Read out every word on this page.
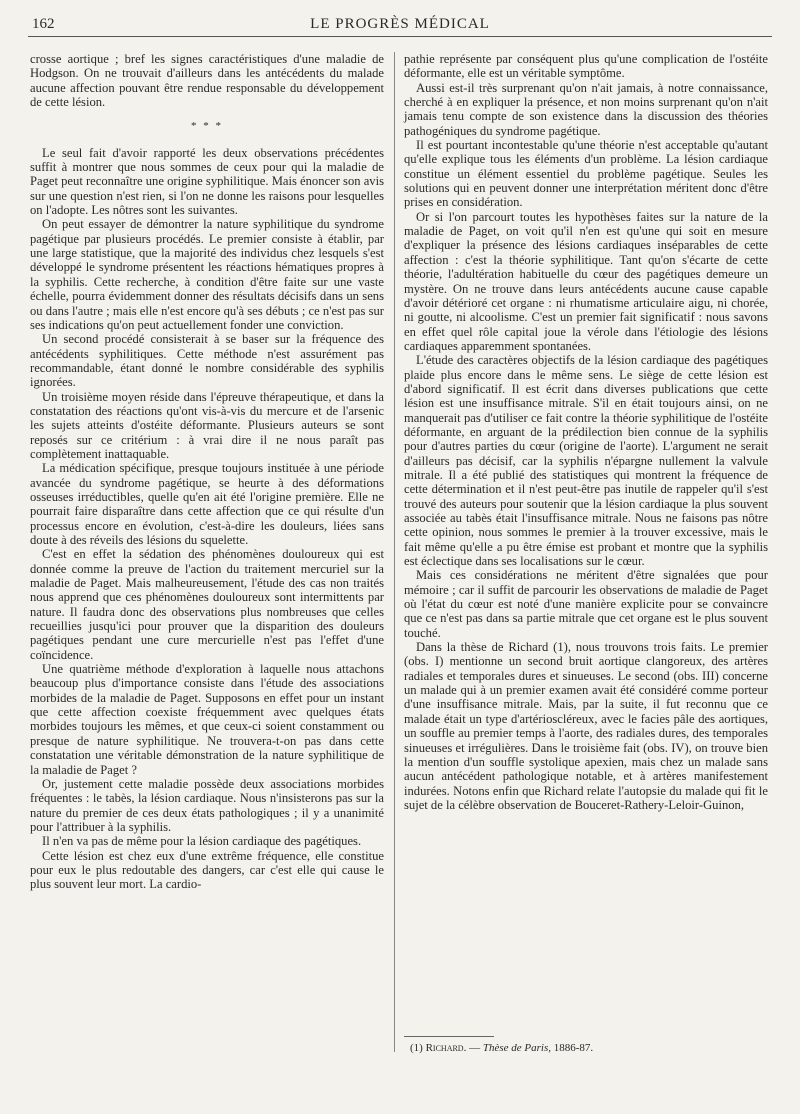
162	LE PROGRÈS MÉDICAL

crosse aortique ; bref les signes caractéristiques d'une maladie de Hodgson. On ne trouvait d'ailleurs dans les antécédents du malade aucune affection pouvant être rendue responsable du développement de cette lésion.

* * *

Le seul fait d'avoir rapporté les deux observations précédentes suffit à montrer que nous sommes de ceux pour qui la maladie de Paget peut reconnaître une origine syphilitique. Mais énoncer son avis sur une question n'est rien, si l'on ne donne les raisons pour lesquelles on l'adopte. Les nôtres sont les suivantes.

On peut essayer de démontrer la nature syphilitique du syndrome pagétique par plusieurs procédés. Le premier consiste à établir, par une large statistique, que la majorité des individus chez lesquels s'est développé le syndrome présentent les réactions hématiques propres à la syphilis. Cette recherche, à condition d'être faite sur une vaste échelle, pourra évidemment donner des résultats décisifs dans un sens ou dans l'autre ; mais elle n'est encore qu'à ses débuts ; ce n'est pas sur ses indications qu'on peut actuellement fonder une conviction.

Un second procédé consisterait à se baser sur la fréquence des antécédents syphilitiques. Cette méthode n'est assurément pas recommandable, étant donné le nombre considérable des syphilis ignorées.

Un troisième moyen réside dans l'épreuve thérapeutique, et dans la constatation des réactions qu'ont vis-à-vis du mercure et de l'arsenic les sujets atteints d'ostéite déformante. Plusieurs auteurs se sont reposés sur ce critérium : à vrai dire il ne nous paraît pas complètement inattaquable.

La médication spécifique, presque toujours instituée à une période avancée du syndrome pagétique, se heurte à des déformations osseuses irréductibles, quelle qu'en ait été l'origine première. Elle ne pourrait faire disparaître dans cette affection que ce qui résulte d'un processus encore en évolution, c'est-à-dire les douleurs, liées sans doute à des réveils des lésions du squelette.

C'est en effet la sédation des phénomènes douloureux qui est donnée comme la preuve de l'action du traitement mercuriel sur la maladie de Paget. Mais malheureusement, l'étude des cas non traités nous apprend que ces phénomènes douloureux sont intermittents par nature. Il faudra donc des observations plus nombreuses que celles recueillies jusqu'ici pour prouver que la disparition des douleurs pagétiques pendant une cure mercurielle n'est pas l'effet d'une coïncidence.

Une quatrième méthode d'exploration à laquelle nous attachons beaucoup plus d'importance consiste dans l'étude des associations morbides de la maladie de Paget. Supposons en effet pour un instant que cette affection coexiste fréquemment avec quelques états morbides toujours les mêmes, et que ceux-ci soient constamment ou presque de nature syphilitique. Ne trouvera-t-on pas dans cette constatation une véritable démonstration de la nature syphilitique de la maladie de Paget ?

Or, justement cette maladie possède deux associations morbides fréquentes : le tabès, la lésion cardiaque. Nous n'insisterons pas sur la nature du premier de ces deux états pathologiques ; il y a unanimité pour l'attribuer à la syphilis.

Il n'en va pas de même pour la lésion cardiaque des pagétiques.

Cette lésion est chez eux d'une extrême fréquence, elle constitue pour eux le plus redoutable des dangers, car c'est elle qui cause le plus souvent leur mort. La cardio-

pathie représente par conséquent plus qu'une complication de l'ostéite déformante, elle est un véritable symptôme.

Aussi est-il très surprenant qu'on n'ait jamais, à notre connaissance, cherché à en expliquer la présence, et non moins surprenant qu'on n'ait jamais tenu compte de son existence dans la discussion des théories pathogéniques du syndrome pagétique.

Il est pourtant incontestable qu'une théorie n'est acceptable qu'autant qu'elle explique tous les éléments d'un problème. La lésion cardiaque constitue un élément essentiel du problème pagétique. Seules les solutions qui en peuvent donner une interprétation méritent donc d'être prises en considération.

Or si l'on parcourt toutes les hypothèses faites sur la nature de la maladie de Paget, on voit qu'il n'en est qu'une qui soit en mesure d'expliquer la présence des lésions cardiaques inséparables de cette affection : c'est la théorie syphilitique. Tant qu'on s'écarte de cette théorie, l'adultération habituelle du cœur des pagétiques demeure un mystère. On ne trouve dans leurs antécédents aucune cause capable d'avoir détérioré cet organe : ni rhumatisme articulaire aigu, ni chorée, ni goutte, ni alcoolisme. C'est un premier fait significatif : nous savons en effet quel rôle capital joue la vérole dans l'étiologie des lésions cardiaques apparemment spontanées.

L'étude des caractères objectifs de la lésion cardiaque des pagétiques plaide plus encore dans le même sens. Le siège de cette lésion est d'abord significatif. Il est écrit dans diverses publications que cette lésion est une insuffisance mitrale. S'il en était toujours ainsi, on ne manquerait pas d'utiliser ce fait contre la théorie syphilitique de l'ostéite déformante, en arguant de la prédilection bien connue de la syphilis pour d'autres parties du cœur (origine de l'aorte). L'argument ne serait d'ailleurs pas décisif, car la syphilis n'épargne nullement la valvule mitrale. Il a été publié des statistiques qui montrent la fréquence de cette détermination et il n'est peut-être pas inutile de rappeler qu'il s'est trouvé des auteurs pour soutenir que la lésion cardiaque la plus souvent associée au tabès était l'insuffisance mitrale. Nous ne faisons pas nôtre cette opinion, nous sommes le premier à la trouver excessive, mais le fait même qu'elle a pu être émise est probant et montre que la syphilis est éclectique dans ses localisations sur le cœur.

Mais ces considérations ne méritent d'être signalées que pour mémoire ; car il suffit de parcourir les observations de maladie de Paget où l'état du cœur est noté d'une manière explicite pour se convaincre que ce n'est pas dans sa partie mitrale que cet organe est le plus souvent touché.

Dans la thèse de Richard (1), nous trouvons trois faits. Le premier (obs. I) mentionne un second bruit aortique clangoreux, des artères radiales et temporales dures et sinueuses. Le second (obs. III) concerne un malade qui à un premier examen avait été considéré comme porteur d'une insuffisance mitrale. Mais, par la suite, il fut reconnu que ce malade était un type d'artérioscléreux, avec le facies pâle des aortiques, un souffle au premier temps à l'aorte, des radiales dures, des temporales sinueuses et irrégulières. Dans le troisième fait (obs. IV), on trouve bien la mention d'un souffle systolique apexien, mais chez un malade sans aucun antécédent pathologique notable, et à artères manifestement indurées. Notons enfin que Richard relate l'autopsie du malade qui fit le sujet de la célèbre observation de Bouceret-Rathery-Leloir-Guinon,

(1) Richard. — Thèse de Paris, 1886-87.
